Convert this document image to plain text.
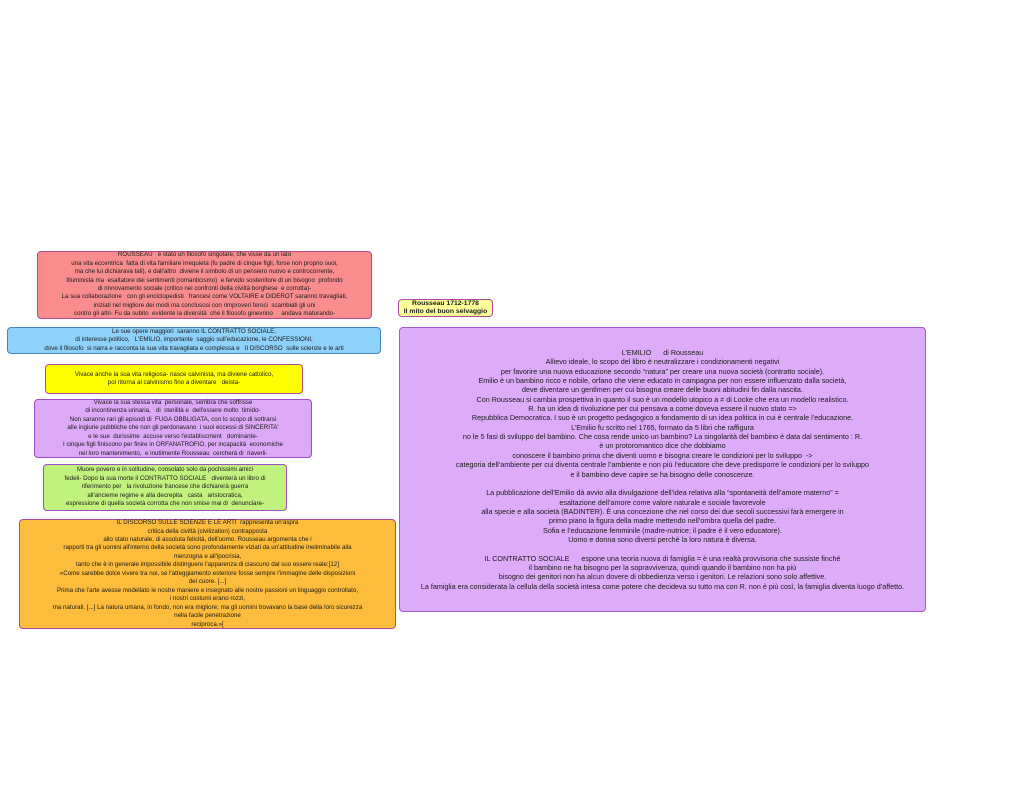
ROUSSEAU   è stato un filosofo singolare, che visse da un lato
una vita eccentrica  fatta di vita familiare irrequieta (fu padre di cinque figli, forse non proprio suoi,
ma che lui dichiarava tali), e dall'altro  diviene il simbolo di un pensiero nuovo e controcorrente,
Illuminista ma  esaltatore dei sentimenti (romanticismo)  e fervido sostenitore di un bisogno  profondo
di rinnovamento sociale (critico nei confronti della civiltà borghese  e corrotta)-
La sua collaborazione   con gli enciclopedisti   francesi come VOLTAIRE e DIDEROT saranno travagliati,
iniziati nel migliore dei modi ma conclusosi con rimproveri feroci  scambiati gli uni
contro gli altri- Fu da subito  evidente la diversità  che il filosofo ginevrino     andava maturando-
Rousseau 1712-1778
Il mito del buon selvaggio
Le sue opere maggiori  saranno IL CONTRATTO SOCIALE,
di interesse politico,   L'EMILIO, importante  saggio sull'educazione, le CONFESSIONI,
dove il filosofo  si narra e racconta la sua vita travagliata e complessa e   Il DISCORSO  sulle scienze e le arti
Vivace anche la sua vita religiosa- nasce calvinista, ma diviene cattolico,
poi ritorna al calvinismo fino a diventare   deista-
Vivace la sua stessa vita  personale, sembra che soffrisse
di incontinenza urinaria,   di  sterilità e  dell'essere molto  timido-
Non saranno rari gli episodi di  FUGA OBBLIGATA, con lo scopo di sottrarsi
alle ingiurie pubbliche che non gli perdonavano  i suoi eccessi di SINCERITA'
e le sue  durissime  accuse verso l'establiscment   dominante-
I cinque figli finiscono per finire in ORFANATROFIO, per incapacità  economiche
nel loro mantenimento,  e inutilmente Rousseau  cercherà di  riaverli-
Muore povero e in solitudine, consolato solo da pochissimi amici
fedeli- Dopo la sua morte il CONTRATTO SOCIALE   diventerà un libro di
riferimento per   la rivoluzione francese che dichiarerà guerra
all'ancieme regime e alla decrepita   casta   aristocratica,
espressione di quella società corrotta che non smise mai di  denunciare-
IL DISCORSO SULLE SCIENZE E LE ARTI  rappresenta un'aspra
critica della civiltà (civilization) contrapposta
allo stato naturale, di assoluta felicità, dell'uomo. Rousseau argomenta che i
rapporti tra gli uomini all'interno della società sono profondamente viziati da un'attitudine ineliminabile alla
menzogna e all'ipocrisia,
tanto che è in generale impossibile distinguere l'apparenza di ciascuno dal suo essere reale:[12]
«Come sarebbe dolce vivere tra noi, se l'atteggiamento esteriore fosse sempre l'immagine delle disposizioni
del cuore. [...]
Prima che l'arte avesse modellato le nostre maniere e insegnato alle nostre passioni un linguaggio controllato,
i nostri costumi erano rozzi,
ma naturali. [...] La natura umana, in fondo, non era migliore; ma gli uomini trovavano la base della loro sicurezza
nella facile penetrazione
reciproca.»[
L’EMILIO      di Rousseau
Allievo ideale, lo scopo del libro è neutralizzare i condizionamenti negativi
per favorire una nuova educazione secondo “natura” per creare una nuova società (contratto sociale).
Emilio è un bambino ricco e nobile, orfano che viene educato in campagna per non essere influenzato dalla società,
deve diventare un gentlmen per cui bisogna creare delle buoni abitudini fin dalla nascita.
Con Rousseau si cambia prospettiva in quanto il suo è un modello utopico a ≠ di Locke che era un modello realistico.
R. ha un idea di rivoluzione per cui pensava a come doveva essere il nuovo stato =>
Repubblica Democratica. I suo è un progetto pedagogico a fondamento di un idea politica in cui è centrale l’educazione.
L’Emilio fu scritto nel 1765, formato da 5 libri che raffigura
no le 5 fasi di sviluppo del bambino. Che cosa rende unico un bambino? La singolarità del bambino è data dal sentimento : R.
è un protoromantico dice che dobbiamo
conoscere il bambino prima che diventi uomo e bisogna creare le condizioni per lo sviluppo  ->
categoria dell’ambiente per cui diventa centrale l’ambiente e non più l’educatore che deve predisporre le condizioni per lo sviluppo
e il bambino deve capire se ha bisogno delle conoscenze.
La pubblicazione dell’Emilio dà avvio alla divulgazione dell’idea relativa alla “spontaneità dell’amore materno” =
esaltazione dell’amore come valore naturale e sociale favorevole
alla specie e alla società (BADINTER). È una concezione che nel corso dei due secoli successivi farà emergere in
primo piano la figura della madre mettendo nell’ombra quella del padre.
Sofia e l’educazione femminile (madre-nutrice; il padre è il vero educatore).
Uomo e donna sono diversi perché la loro natura è diversa.
IL CONTRATTO SOCIALE      espone una teoria nuova di famiglia = è una realtà provvisoria che sussiste finché
il bambino ne ha bisogno per la sopravvivenza, quindi quando il bambino non ha più
bisogno dei genitori non ha alcun dovere di obbedienza verso i genitori. Le relazioni sono solo affettive.
La famiglia era considerata la cellula della società intesa come potere che decideva su tutto ma con R. non è più così, la famiglia diventa luogo d’affetto.
